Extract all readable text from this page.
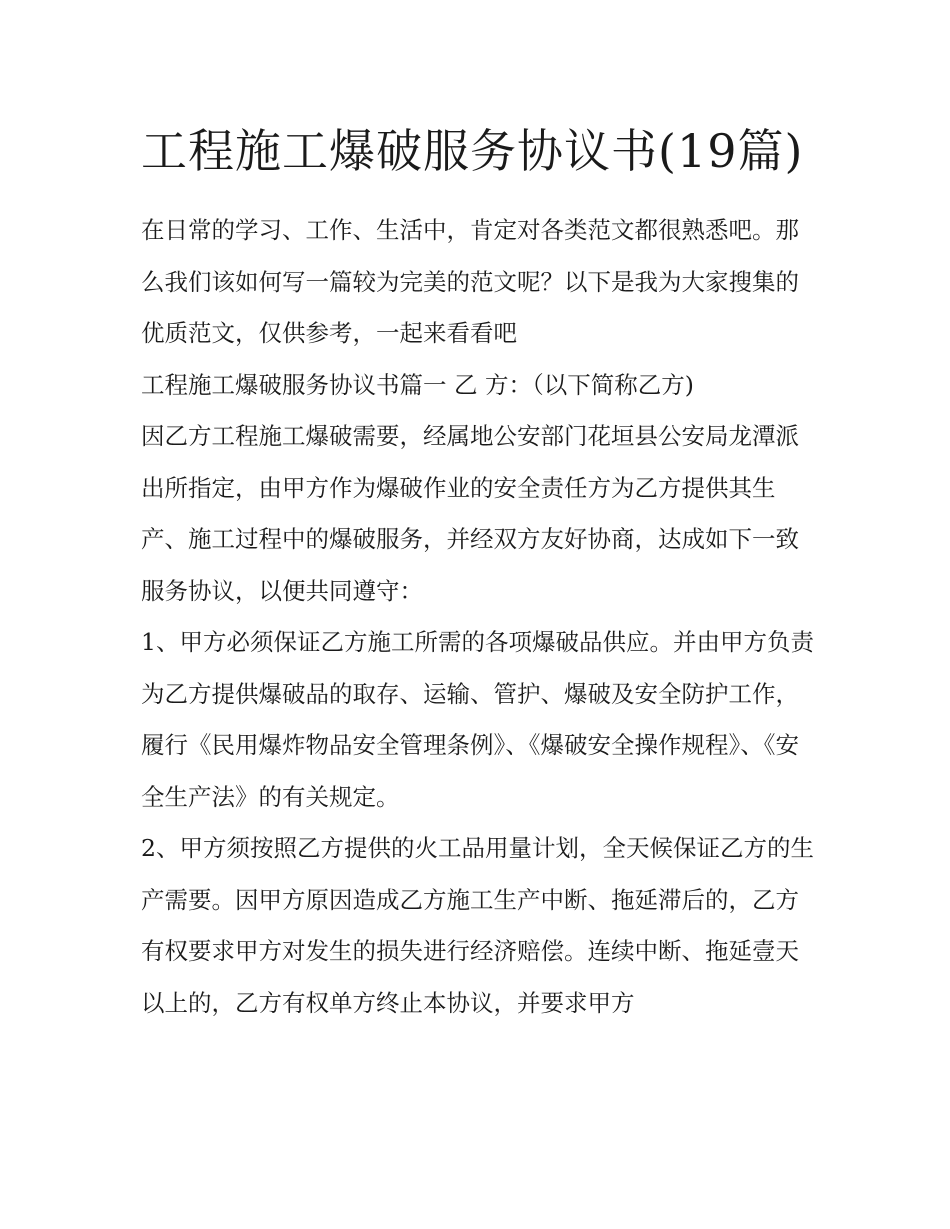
工程施工爆破服务协议书(19篇)

在日常的学习、工作、生活中，肯定对各类范文都很熟悉吧。那么我们该如何写一篇较为完美的范文呢？以下是我为大家搜集的优质范文，仅供参考，一起来看看吧

工程施工爆破服务协议书篇一 乙 方：（以下简称乙方)

因乙方工程施工爆破需要，经属地公安部门花垣县公安局龙潭派出所指定，由甲方作为爆破作业的安全责任方为乙方提供其生产、施工过程中的爆破服务，并经双方友好协商，达成如下一致服务协议，以便共同遵守：

1、甲方必须保证乙方施工所需的各项爆破品供应。并由甲方负责为乙方提供爆破品的取存、运输、管护、爆破及安全防护工作，履行《民用爆炸物品安全管理条例》、《爆破安全操作规程》、《安全生产法》的有关规定。

2、甲方须按照乙方提供的火工品用量计划，全天候保证乙方的生产需要。因甲方原因造成乙方施工生产中断、拖延滞后的，乙方有权要求甲方对发生的损失进行经济赔偿。连续中断、拖延壹天以上的，乙方有权单方终止本协议，并要求甲方
